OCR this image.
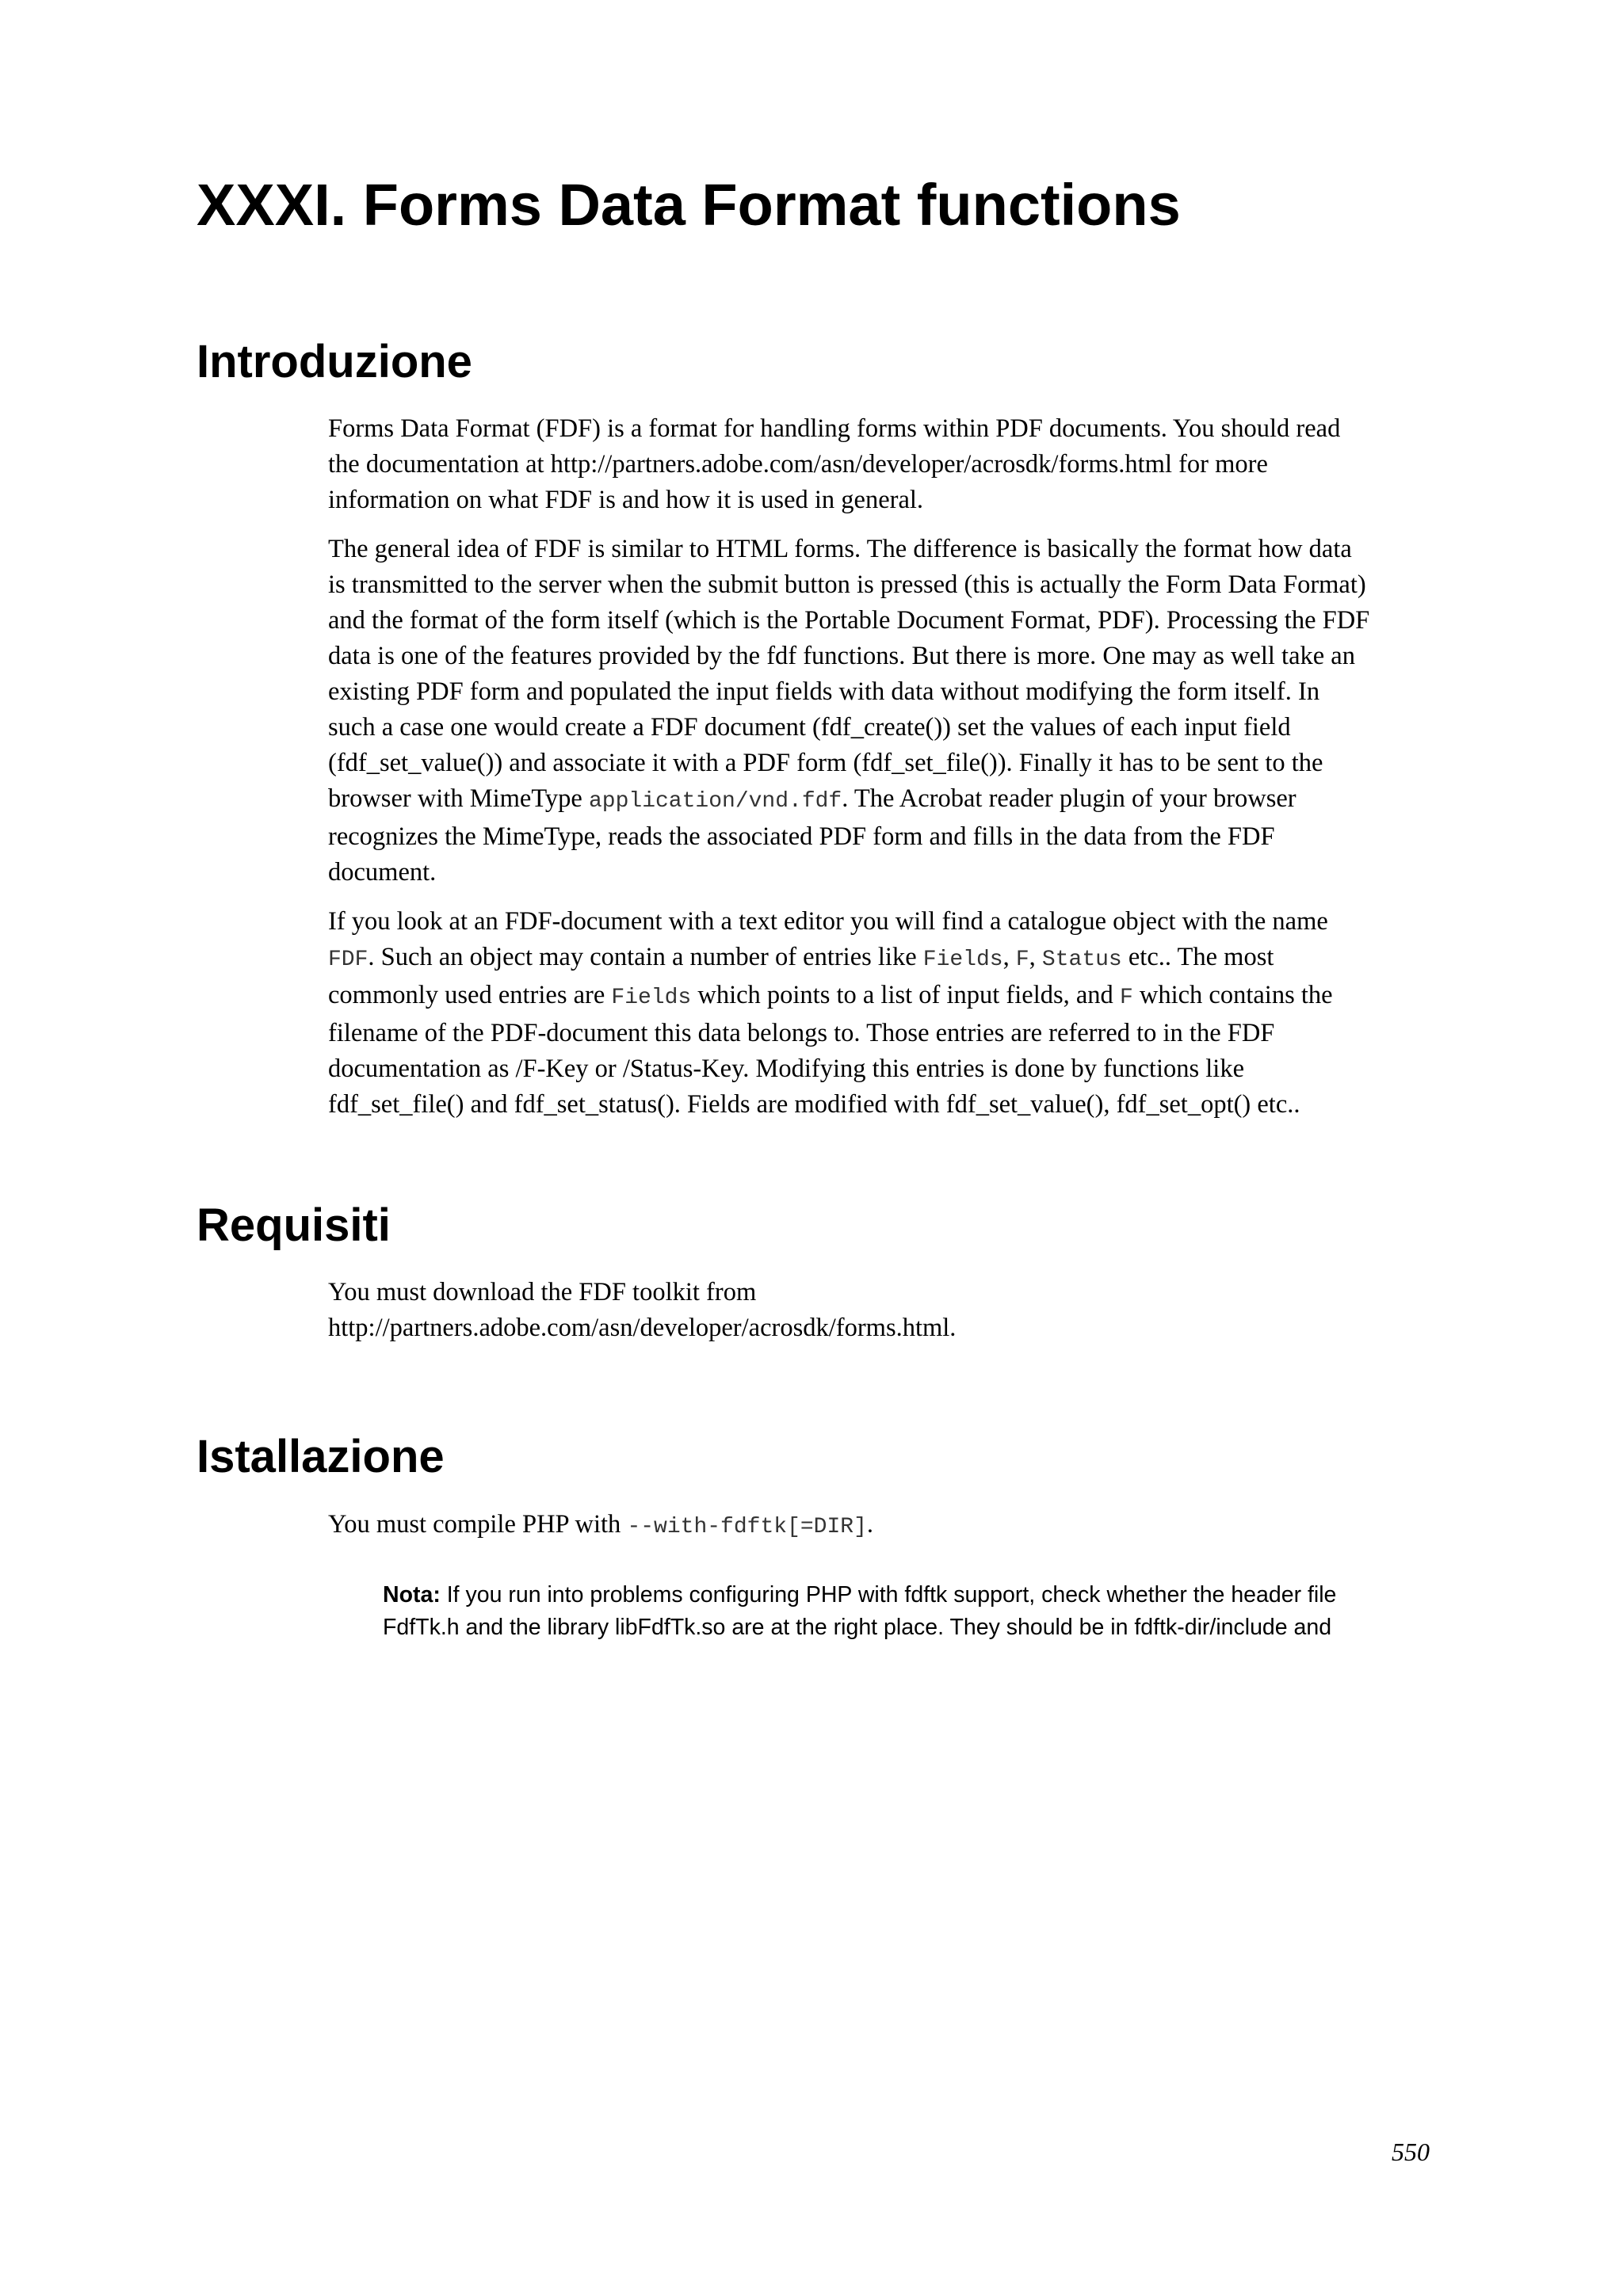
XXXI. Forms Data Format functions
Introduzione
Forms Data Format (FDF) is a format for handling forms within PDF documents. You should read
the documentation at http://partners.adobe.com/asn/developer/acrosdk/forms.html for more
information on what FDF is and how it is used in general.
The general idea of FDF is similar to HTML forms. The difference is basically the format how data
is transmitted to the server when the submit button is pressed (this is actually the Form Data Format)
and the format of the form itself (which is the Portable Document Format, PDF). Processing the FDF
data is one of the features provided by the fdf functions. But there is more. One may as well take an
existing PDF form and populated the input fields with data without modifying the form itself. In
such a case one would create a FDF document (fdf_create()) set the values of each input field
(fdf_set_value()) and associate it with a PDF form (fdf_set_file()). Finally it has to be sent to the
browser with MimeType application/vnd.fdf. The Acrobat reader plugin of your browser
recognizes the MimeType, reads the associated PDF form and fills in the data from the FDF
document.
If you look at an FDF-document with a text editor you will find a catalogue object with the name
FDF. Such an object may contain a number of entries like Fields, F, Status etc.. The most
commonly used entries are Fields which points to a list of input fields, and F which contains the
filename of the PDF-document this data belongs to. Those entries are referred to in the FDF
documentation as /F-Key or /Status-Key. Modifying this entries is done by functions like
fdf_set_file() and fdf_set_status(). Fields are modified with fdf_set_value(), fdf_set_opt() etc..
Requisiti
You must download the FDF toolkit from
http://partners.adobe.com/asn/developer/acrosdk/forms.html.
Istallazione
You must compile PHP with --with-fdftk[=DIR].
Nota: If you run into problems configuring PHP with fdftk support, check whether the header file
FdfTk.h and the library libFdfTk.so are at the right place. They should be in fdftk-dir/include and
550
